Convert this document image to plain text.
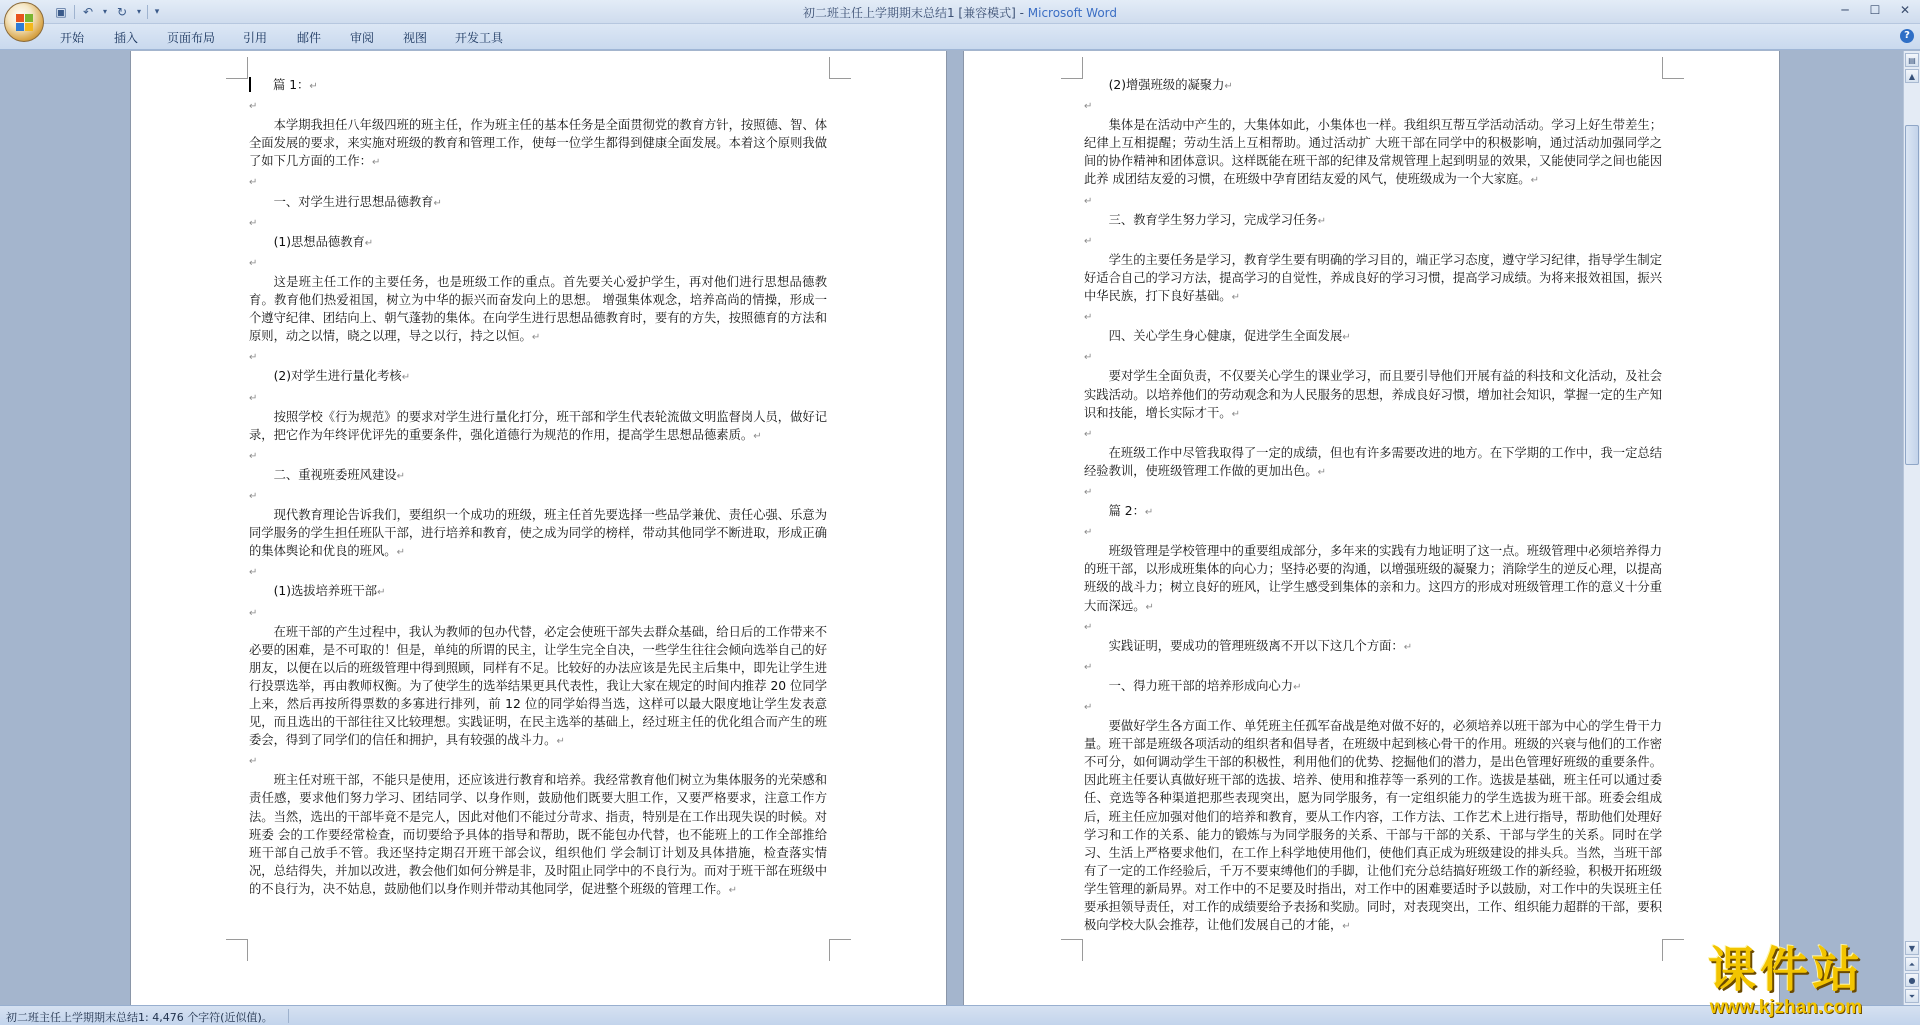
▣	↶	▾ ↻	▾	▾	初二班主任上学期期末总结1 [兼容模式] - Microsoft Word	─	☐	✕
开始 插入 页面布局 引用 邮件 审阅 视图 开发工具	?
篇 1：↵
↵
本学期我担任八年级四班的班主任，作为班主任的基本任务是全面贯彻党的教育方针，按照德、智、体全面发展的要求，来实施对班级的教育和管理工作，使每一位学生都得到健康全面发展。本着这个原则我做了如下几方面的工作：↵
↵
一、对学生进行思想品德教育↵
↵
(1)思想品德教育↵
↵
这是班主任工作的主要任务，也是班级工作的重点。首先要关心爱护学生，再对他们进行思想品德教育。教育他们热爱祖国，树立为中华的振兴而奋发向上的思想。 增强集体观念，培养高尚的情操，形成一个遵守纪律、团结向上、朝气蓬勃的集体。在向学生进行思想品德教育时，要有的方失，按照德育的方法和原则，动之以情，晓之以理，导之以行，持之以恒。↵
↵
(2)对学生进行量化考核↵
↵
按照学校《行为规范》的要求对学生进行量化打分，班干部和学生代表轮流做文明监督岗人员，做好记录，把它作为年终评优评先的重要条件，强化道德行为规范的作用，提高学生思想品德素质。↵
↵
二、重视班委班风建设↵
↵
现代教育理论告诉我们，要组织一个成功的班级，班主任首先要选择一些品学兼优、责任心强、乐意为同学服务的学生担任班队干部，进行培养和教育，使之成为同学的榜样，带动其他同学不断进取，形成正确的集体舆论和优良的班风。↵
↵
(1)选拔培养班干部↵
↵
在班干部的产生过程中，我认为教师的包办代替，必定会使班干部失去群众基础，给日后的工作带来不必要的困难，是不可取的！但是，单纯的所谓的民主，让学生完全自决，一些学生往往会倾向选举自己的好朋友，以便在以后的班级管理中得到照顾，同样有不足。比较好的办法应该是先民主后集中，即先让学生进行投票选举，再由教师权衡。为了使学生的选举结果更具代表性，我让大家在规定的时间内推荐 20 位同学上来，然后再按所得票数的多寡进行排列，前 12 位的同学始得当选，这样可以最大限度地让学生发表意见，而且选出的干部往往又比较理想。实践证明，在民主选举的基础上，经过班主任的优化组合而产生的班委会，得到了同学们的信任和拥护，具有较强的战斗力。↵
↵
班主任对班干部，不能只是使用，还应该进行教育和培养。我经常教育他们树立为集体服务的光荣感和责任感，要求他们努力学习、团结同学、以身作则，鼓励他们既要大胆工作，又要严格要求，注意工作方法。当然，选出的干部毕竟不是完人，因此对他们不能过分苛求、指责，特别是在工作出现失误的时候。对班委 会的工作要经常检查，而切要给予具体的指导和帮助，既不能包办代替，也不能班上的工作全部推给班干部自己放手不管。我还坚持定期召开班干部会议，组织他们 学会制订计划及具体措施，检查落实情况，总结得失，并加以改进，教会他们如何分辨是非，及时阻止同学中的不良行为。而对于班干部在班级中的不良行为，决不姑息，鼓励他们以身作则并带动其他同学，促进整个班级的管理工作。↵
(2)增强班级的凝聚力↵
↵
集体是在活动中产生的，大集体如此，小集体也一样。我组织互帮互学活动活动。学习上好生带差生；纪律上互相提醒；劳动生活上互相帮助。通过活动扩 大班干部在同学中的积极影响，通过活动加强同学之间的协作精神和团体意识。这样既能在班干部的纪律及常规管理上起到明显的效果，又能使同学之间也能因此养 成团结友爱的习惯，在班级中孕育团结友爱的风气，使班级成为一个大家庭。↵
↵
三、教育学生努力学习，完成学习任务↵
↵
学生的主要任务是学习，教育学生要有明确的学习目的，端正学习态度，遵守学习纪律，指导学生制定好适合自己的学习方法，提高学习的自觉性，养成良好的学习习惯，提高学习成绩。为将来报效祖国，振兴中华民族，打下良好基础。↵
↵
四、关心学生身心健康，促进学生全面发展↵
↵
要对学生全面负责，不仅要关心学生的课业学习，而且要引导他们开展有益的科技和文化活动，及社会实践活动。以培养他们的劳动观念和为人民服务的思想，养成良好习惯，增加社会知识，掌握一定的生产知识和技能，增长实际才干。↵
↵
在班级工作中尽管我取得了一定的成绩，但也有许多需要改进的地方。在下学期的工作中，我一定总结经验教训，使班级管理工作做的更加出色。↵
↵
篇 2：↵
↵
班级管理是学校管理中的重要组成部分，多年来的实践有力地证明了这一点。班级管理中必须培养得力的班干部，以形成班集体的向心力；坚持必要的沟通，以增强班级的凝聚力；消除学生的逆反心理，以提高班级的战斗力；树立良好的班风，让学生感受到集体的亲和力。这四方的形成对班级管理工作的意义十分重大而深远。↵
↵
实践证明，要成功的管理班级离不开以下这几个方面：↵
↵
一、得力班干部的培养形成向心力↵
↵
要做好学生各方面工作、单凭班主任孤军奋战是绝对做不好的，必须培养以班干部为中心的学生骨干力量。班干部是班级各项活动的组织者和倡导者，在班级中起到核心骨干的作用。班级的兴衰与他们的工作密不可分，如何调动学生干部的积极性，利用他们的优势、挖掘他们的潜力，是出色管理好班级的重要条件。因此班主任要认真做好班干部的选拔、培养、使用和推荐等一系列的工作。选拔是基础，班主任可以通过委任、竞选等各种渠道把那些表现突出，愿为同学服务，有一定组织能力的学生选拔为班干部。班委会组成后，班主任应加强对他们的培养和教育，要从工作内容，工作方法、工作艺术上进行指导，帮助他们处理好学习和工作的关系、能力的锻炼与为同学服务的关系、干部与干部的关系、干部与学生的关系。同时在学习、生活上严格要求他们，在工作上科学地使用他们，使他们真正成为班级建设的排头兵。当然，当班干部有了一定的工作经验后，千万不要束缚他们的手脚，让他们充分总结搞好班级工作的新经验，积极开拓班级学生管理的新局界。对工作中的不足要及时指出，对工作中的困难要适时予以鼓励，对工作中的失误班主任要承担领导责任，对工作的成绩要给予表扬和奖励。同时，对表现突出，工作、组织能力超群的干部，要积极向学校大队会推荐，让他们发展自己的才能，↵
▤
▲
▼
⏶
●
⏷
初二班主任上学期期末总结1: 4,476 个字符(近似值)。
课件站
www.kjzhan.com
